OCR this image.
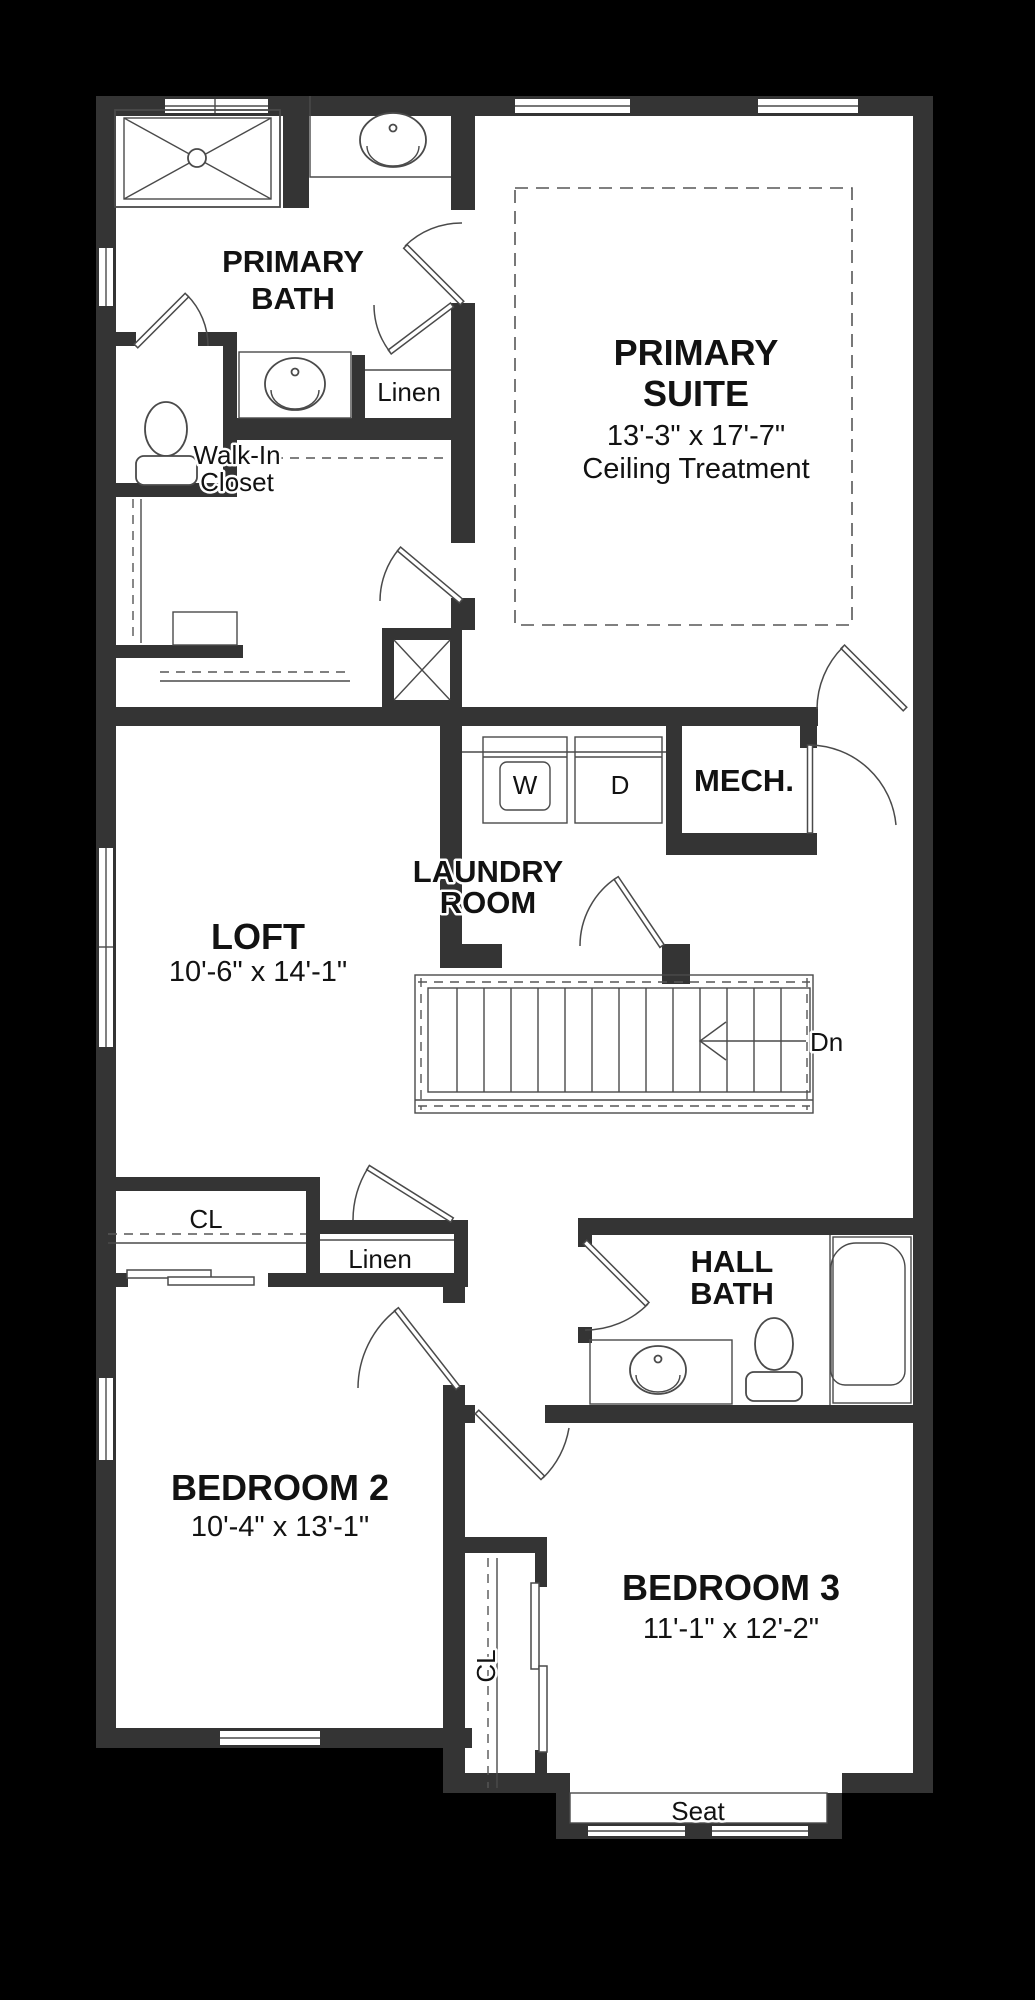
PRIMARY
BATH
Linen
PRIMARY
SUITE
13'-3" x 17'-7"
Ceiling Treatment
Walk-In
Closet
W	D MECH.
LAUNDRY
ROOM
LOFT
10'-6" x 14'-1"
Dn
CL
Linen	HALL
BATH
BEDROOM 2
10'-4" x 13'-1"
BEDROOM 3
11'-1" x 12'-2"
CL
Seat
